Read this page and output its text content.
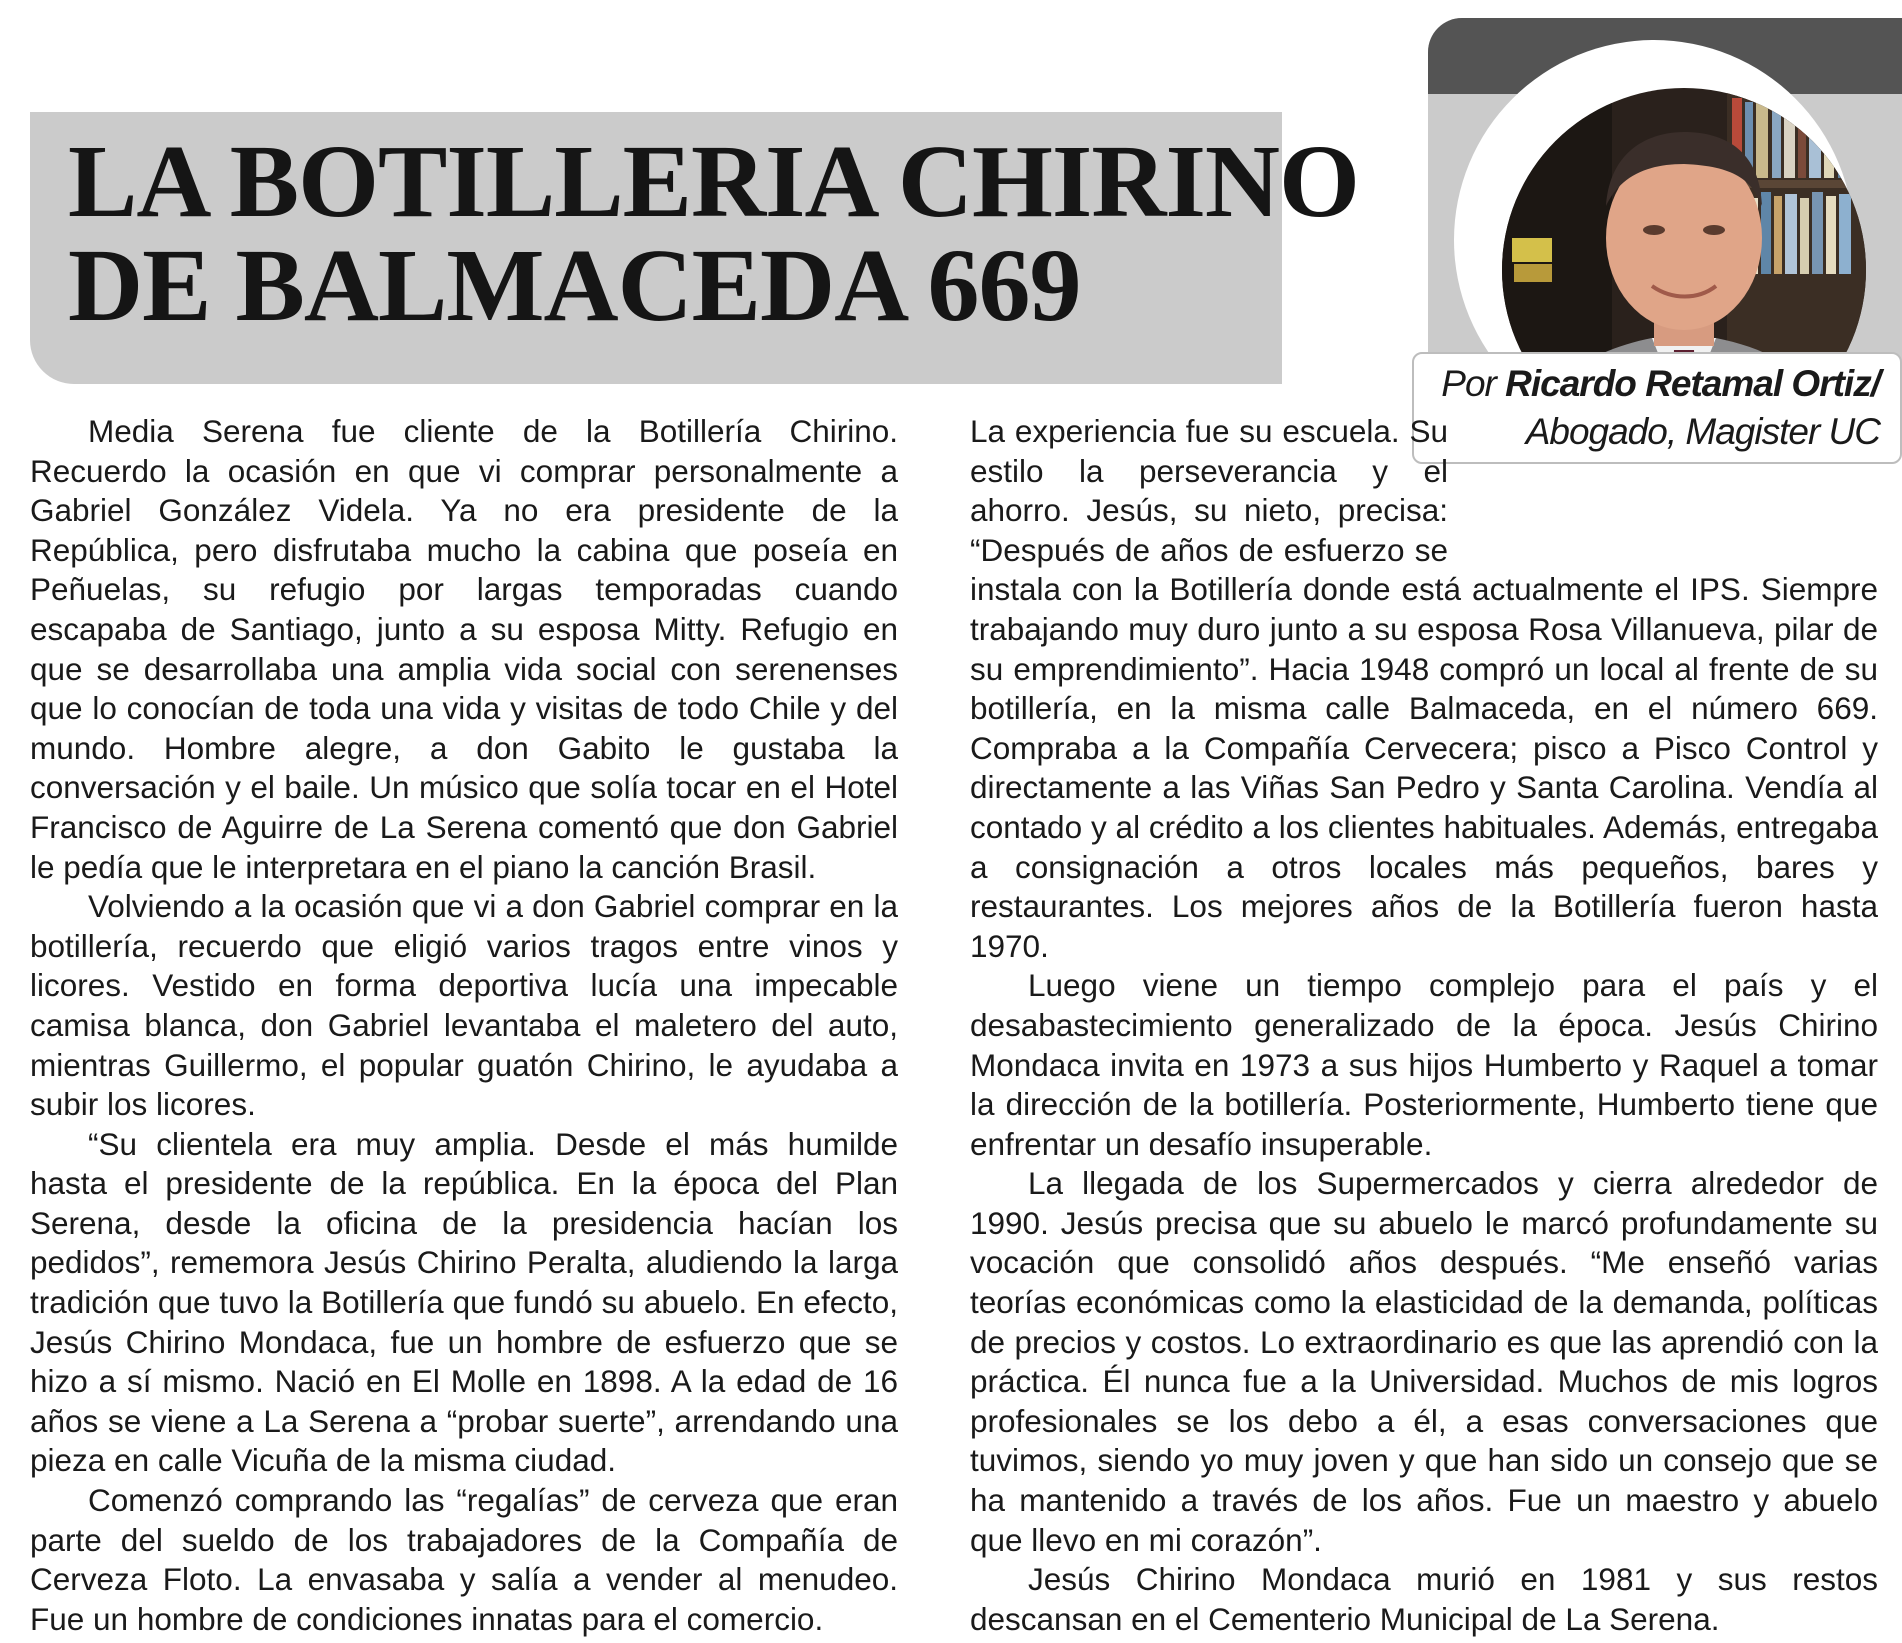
LA BOTILLERIA CHIRINO
DE BALMACEDA 669
Por Ricardo Retamal Ortiz/
Abogado, Magister UC

Media Serena fue cliente de la Botillería Chirino. Recuerdo la ocasión en que vi comprar personalmente a Gabriel González Videla. Ya no era presidente de la República, pero disfrutaba mucho la cabina que poseía en Peñuelas, su refugio por largas temporadas cuando escapaba de Santiago, junto a su esposa Mitty. Refugio en que se desarrollaba una amplia vida social con serenenses que lo conocían de toda una vida y visitas de todo Chile y del mundo. Hombre alegre, a don Gabito le gustaba la conversación y el baile. Un músico que solía tocar en el Hotel Francisco de Aguirre de La Serena comentó que don Gabriel le pedía que le interpretara en el piano la canción Brasil.

Volviendo a la ocasión que vi a don Gabriel comprar en la botillería, recuerdo que eligió varios tragos entre vinos y licores. Vestido en forma deportiva lucía una impecable camisa blanca, don Gabriel levantaba el maletero del auto, mientras Guillermo, el popular guatón Chirino, le ayudaba a subir los licores.

“Su clientela era muy amplia. Desde el más humilde hasta el presidente de la república. En la época del Plan Serena, desde la oficina de la presidencia hacían los pedidos”, rememora Jesús Chirino Peralta, aludiendo la larga tradición que tuvo la Botillería que fundó su abuelo. En efecto, Jesús Chirino Mondaca, fue un hombre de esfuerzo que se hizo a sí mismo. Nació en El Molle en 1898. A la edad de 16 años se viene a La Serena a “probar suerte”, arrendando una pieza en calle Vicuña de la misma ciudad.

Comenzó comprando las “regalías” de cerveza que eran parte del sueldo de los trabajadores de la Compañía de Cerveza Floto. La envasaba y salía a vender al menudeo. Fue un hombre de condiciones innatas para el comercio.

La experiencia fue su escuela. Su estilo la perseverancia y el ahorro. Jesús, su nieto, precisa: “Después de años de esfuerzo se instala con la Botillería donde está actualmente el IPS. Siempre trabajando muy duro junto a su esposa Rosa Villanueva, pilar de su emprendimiento”. Hacia 1948 compró un local al frente de su botillería, en la misma calle Balmaceda, en el número 669. Compraba a la Compañía Cervecera; pisco a Pisco Control y directamente a las Viñas San Pedro y Santa Carolina. Vendía al contado y al crédito a los clientes habituales. Además, entregaba a consignación a otros locales más pequeños, bares y restaurantes. Los mejores años de la Botillería fueron hasta 1970.

Luego viene un tiempo complejo para el país y el desabastecimiento generalizado de la época. Jesús Chirino Mondaca invita en 1973 a sus hijos Humberto y Raquel a tomar la dirección de la botillería. Posteriormente, Humberto tiene que enfrentar un desafío insuperable.

La llegada de los Supermercados y cierra alrededor de 1990. Jesús precisa que su abuelo le marcó profundamente su vocación que consolidó años después. “Me enseñó varias teorías económicas como la elasticidad de la demanda, políticas de precios y costos. Lo extraordinario es que las aprendió con la práctica. Él nunca fue a la Universidad. Muchos de mis logros profesionales se los debo a él, a esas conversaciones que tuvimos, siendo yo muy joven y que han sido un consejo que se ha mantenido a través de los años. Fue un maestro y abuelo que llevo en mi corazón”.

Jesús Chirino Mondaca murió en 1981 y sus restos descansan en el Cementerio Municipal de La Serena.
